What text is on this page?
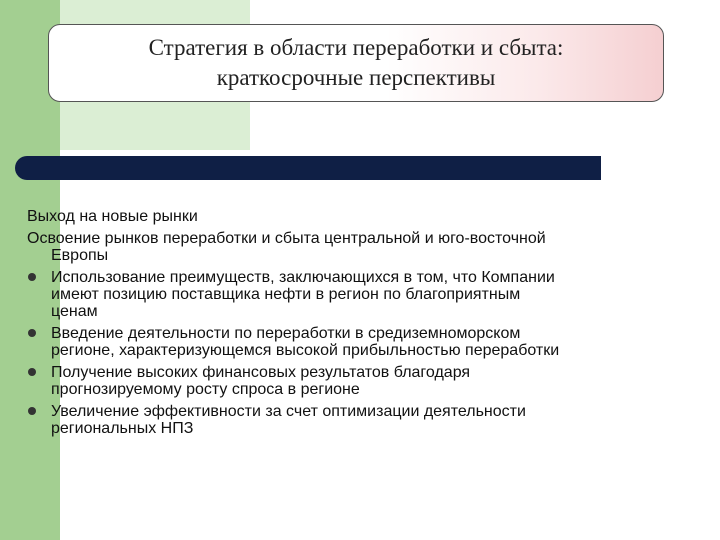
Стратегия в области переработки и сбыта:
краткосрочные перспективы

Выход на новые рынки

Освоение рынков переработки и сбыта центральной и юго-восточной
Европы

Использование преимуществ, заключающихся в том, что Компании
имеют позицию поставщика нефти в регион по благоприятным
ценам
Введение деятельности по переработки в средиземноморском
регионе, характеризующемся высокой прибыльностью переработки
Получение высоких финансовых результатов благодаря
прогнозируемому росту спроса в регионе
Увеличение эффективности за счет оптимизации деятельности
региональных НПЗ
